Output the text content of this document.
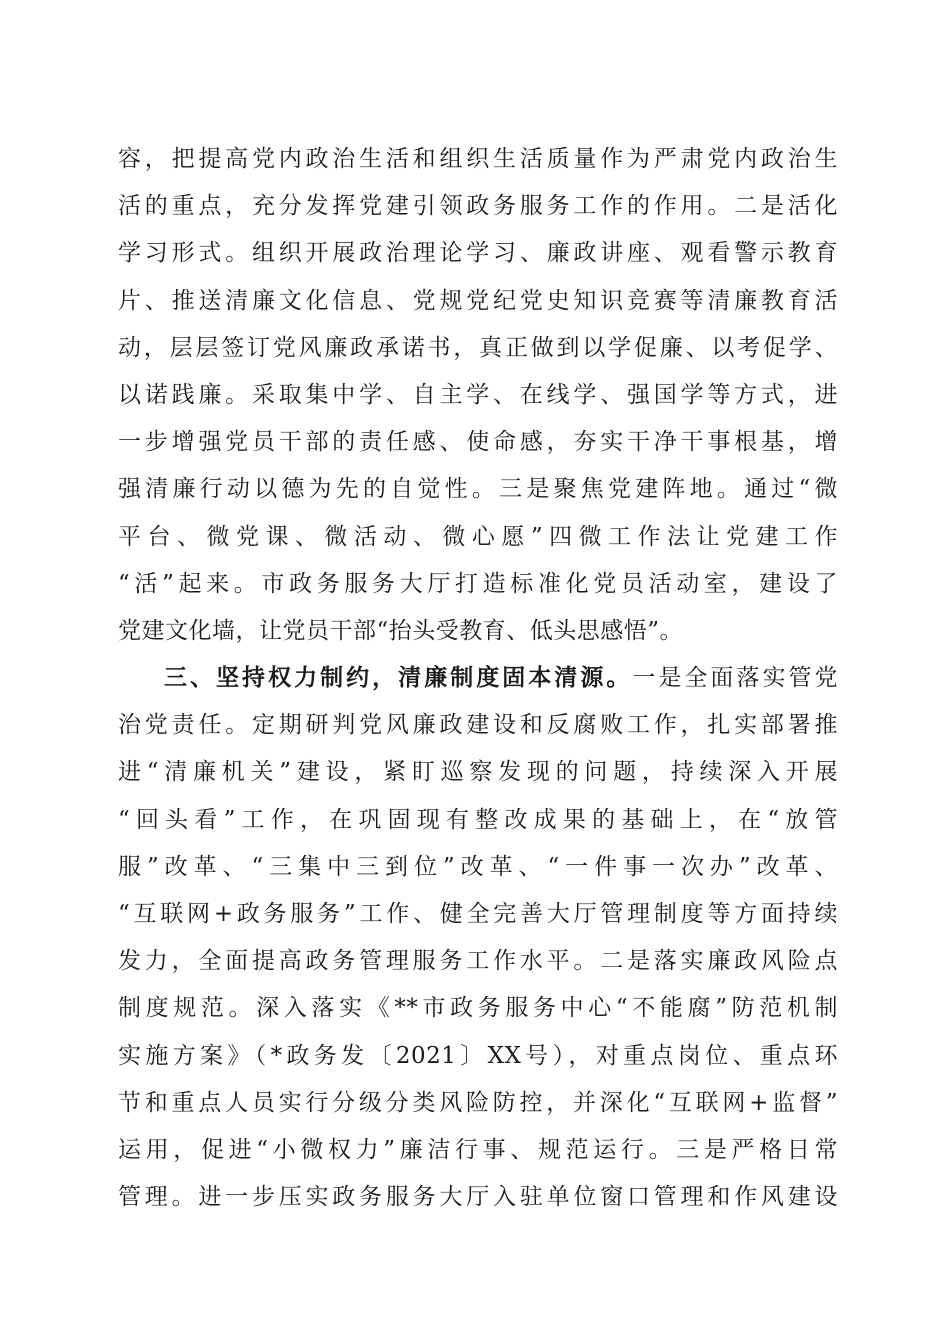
容，把提高党内政治生活和组织生活质量作为严肃党内政治生
活的重点，充分发挥党建引领政务服务工作的作用。二是活化
学习形式。组织开展政治理论学习、廉政讲座、观看警示教育
片、推送清廉文化信息、党规党纪党史知识竞赛等清廉教育活
动，层层签订党风廉政承诺书，真正做到以学促廉、以考促学、
以诺践廉。采取集中学、自主学、在线学、强国学等方式，进
一步增强党员干部的责任感、使命感，夯实干净干事根基，增
强清廉行动以德为先的自觉性。三是聚焦党建阵地。通过“微
平台、微党课、微活动、微心愿”四微工作法让党建工作
“活”起来。市政务服务大厅打造标准化党员活动室，建设了
党建文化墙，让党员干部“抬头受教育、低头思感悟”。
三、坚持权力制约，清廉制度固本清源。一是全面落实管党
治党责任。定期研判党风廉政建设和反腐败工作，扎实部署推
进“清廉机关”建设，紧盯巡察发现的问题，持续深入开展
“回头看”工作，在巩固现有整改成果的基础上，在“放管
服”改革、“三集中三到位”改革、“一件事一次办”改革、
“互联网+政务服务”工作、健全完善大厅管理制度等方面持续
发力，全面提高政务管理服务工作水平。二是落实廉政风险点
制度规范。深入落实《**市政务服务中心“不能腐”防范机制
实施方案》（*政务发〔2021〕XX号），对重点岗位、重点环
节和重点人员实行分级分类风险防控，并深化“互联网+监督”
运用，促进“小微权力”廉洁行事、规范运行。三是严格日常
管理。进一步压实政务服务大厅入驻单位窗口管理和作风建设
